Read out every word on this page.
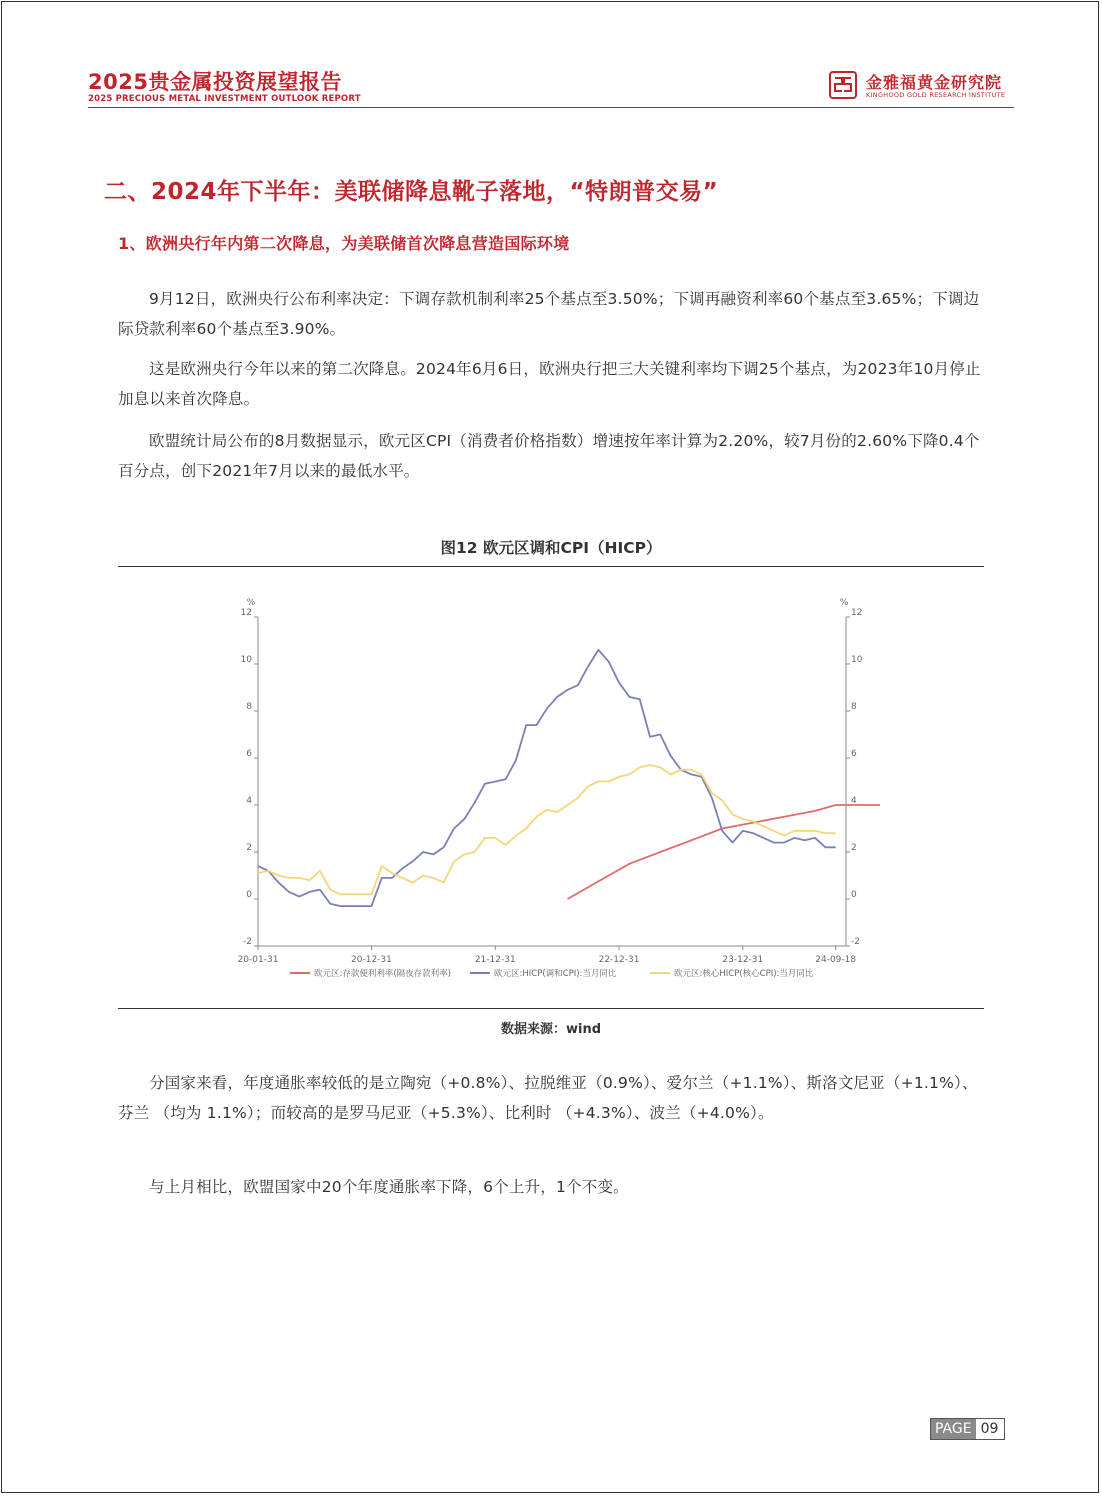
2025贵金属投资展望报告
2025 PRECIOUS METAL INVESTMENT OUTLOOK REPORT
金雅福黄金研究院
KINGHOOD GOLD RESEARCH INSTITUTE
二、2024年下半年：美联储降息靴子落地，“特朗普交易”
1、欧洲央行年内第二次降息，为美联储首次降息营造国际环境

9月12日，欧洲央行公布利率决定：下调存款机制利率25个基点至3.50%；下调再融资利率60个基点至3.65%；下调边际贷款利率60个基点至3.90%。

这是欧洲央行今年以来的第二次降息。2024年6月6日，欧洲央行把三大关键利率均下调25个基点，为2023年10月停止加息以来首次降息。

欧盟统计局公布的8月数据显示，欧元区CPI（消费者价格指数）增速按年率计算为2.20%，较7月份的2.60%下降0.4个百分点，创下2021年7月以来的最低水平。

图12 欧元区调和CPI（HICP）
%	%
-2	-2
0	0
2	2
4	4
6	6
8	8
10	10
12	12
20-01-31	20-12-31	21-12-31	22-12-31	23-12-31	24-09-18
欧元区:存款便利利率(隔夜存款利率)	欧元区:HICP(调和CPI):当月同比	欧元区:核心HICP(核心CPI):当月同比
数据来源：wind

分国家来看，年度通胀率较低的是立陶宛（+0.8%）、拉脱维亚（0.9%）、爱尔兰（+1.1%）、斯洛文尼亚（+1.1%）、芬兰 （均为 1.1%）；而较高的是罗马尼亚（+5.3%）、比利时 （+4.3%）、波兰（+4.0%）。

与上月相比，欧盟国家中20个年度通胀率下降，6个上升，1个不变。

PAGE 09
